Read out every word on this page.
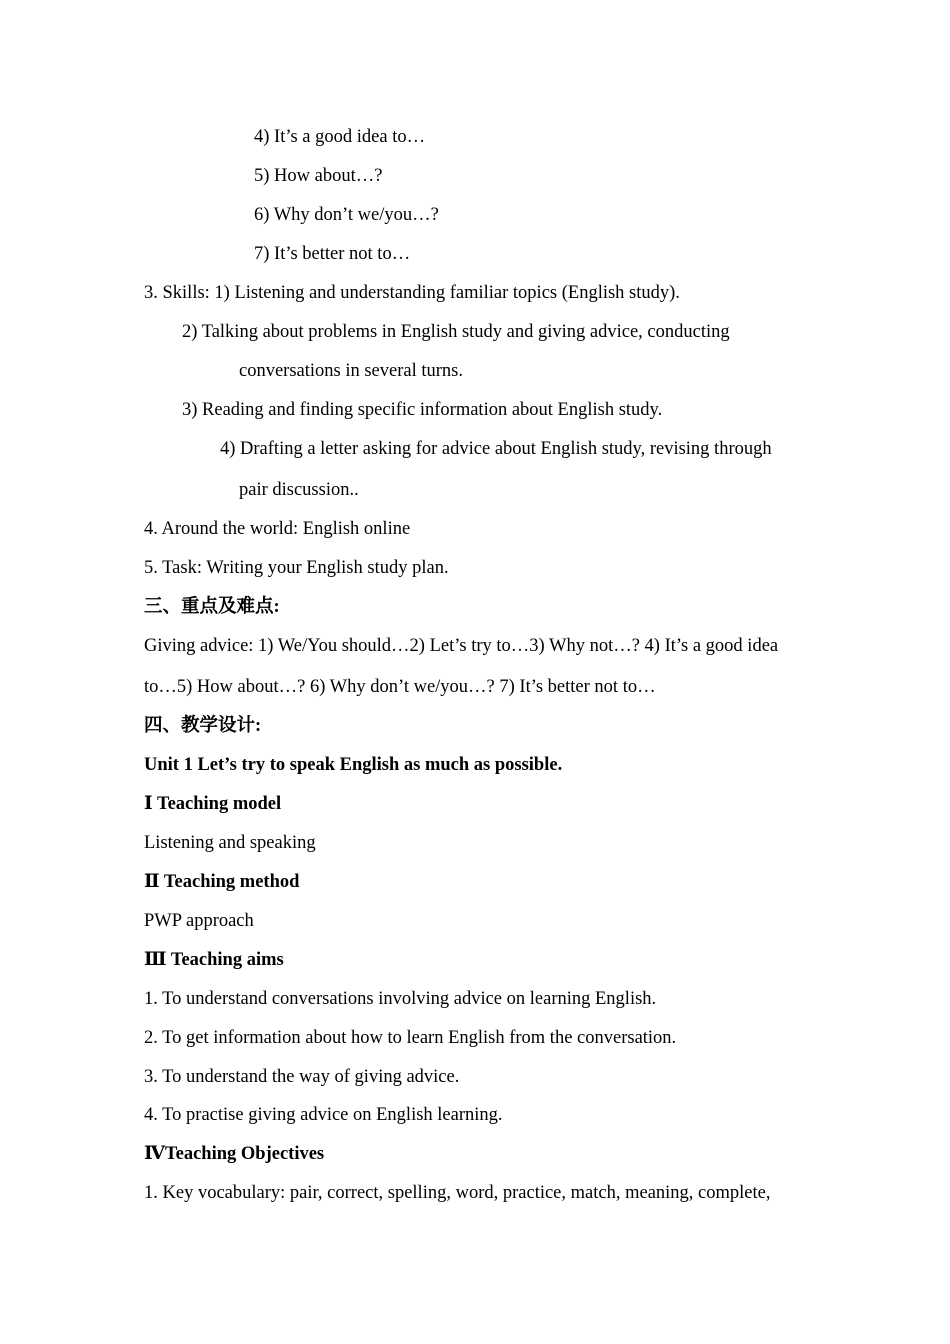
4) It’s a good idea to…
5) How about…?
6) Why don’t we/you…?
7) It’s better not to…
3. Skills: 1) Listening and understanding familiar topics (English study).
2) Talking about problems in English study and giving advice, conducting
conversations in several turns.
3) Reading and finding specific information about English study.
4) Drafting a letter asking for advice about English study, revising through
pair discussion..
4. Around the world: English online
5. Task: Writing your English study plan.
三、重点及难点:
Giving advice: 1) We/You should…2) Let’s try to…3) Why not…? 4) It’s a good idea
to…5) How about…? 6) Why don’t we/you…? 7) It’s better not to…
四、教学设计:
Unit 1 Let’s try to speak English as much as possible.
Ⅰ Teaching model
Listening and speaking
Ⅱ Teaching method
PWP approach
Ⅲ Teaching aims
1. To understand conversations involving advice on learning English.
2. To get information about how to learn English from the conversation.
3. To understand the way of giving advice.
4. To practise giving advice on English learning.
ⅣTeaching Objectives
1. Key vocabulary: pair, correct, spelling, word, practice, match, meaning, complete,
